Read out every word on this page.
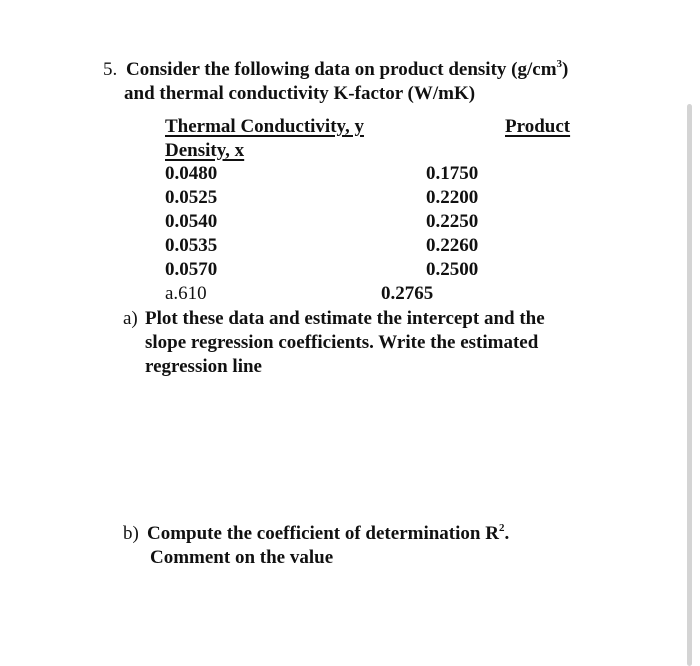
5. Consider the following data on product density $(g/cm^3)$
and thermal conductivity K-factor (W/mK)
Thermal Conductivity, y	Product
Density, x
0.0480	0.1750
0.0525	0.2200
0.0540	0.2250
0.0535	0.2260
0.0570	0.2500
a.610	0.2765
a) Plot these data and estimate the intercept and the
slope regression coefficients. Write the estimated
regression line
b) Compute the coefficient of determination $R^2$.
Comment on the value
